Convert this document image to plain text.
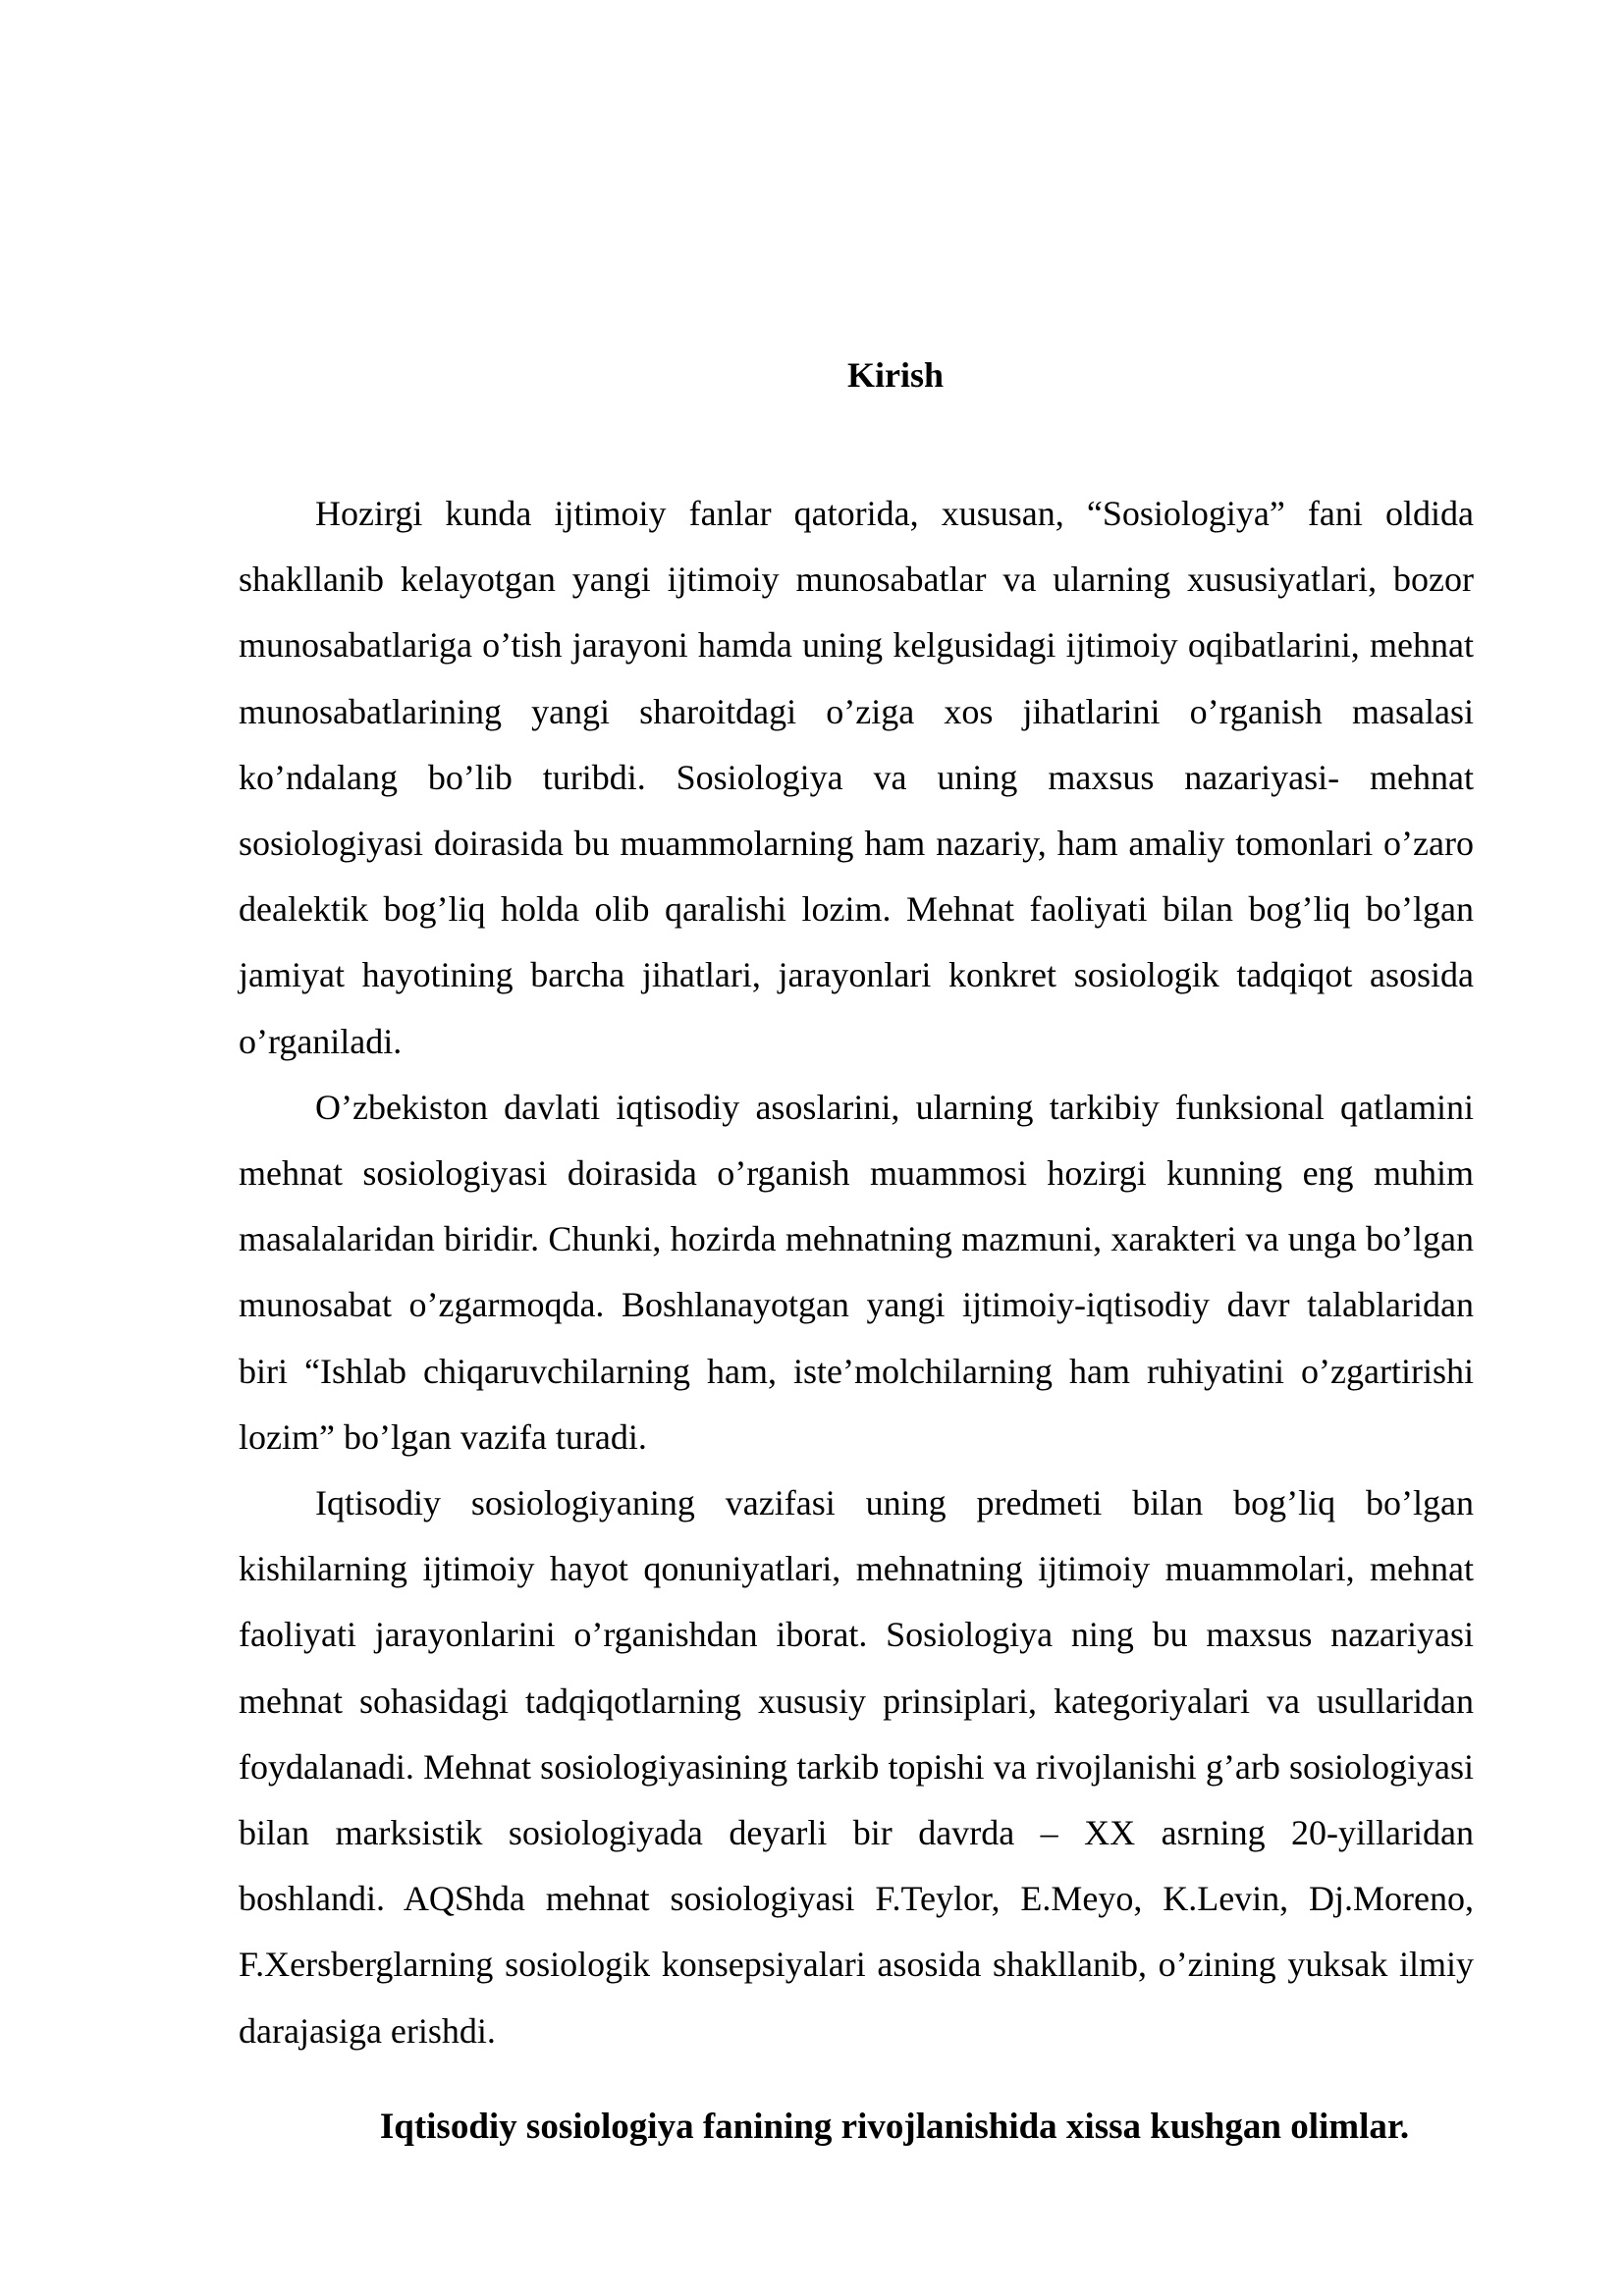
Kirish

Hozirgi kunda ijtimoiy fanlar qatorida, xususan, “Sosiologiya” fani oldida shakllanib kelayotgan yangi ijtimoiy munosabatlar va ularning xususiyatlari, bozor munosabatlariga o’tish jarayoni hamda uning kelgusidagi ijtimoiy oqibatlarini, mehnat munosabatlarining yangi sharoitdagi o’ziga xos jihatlarini o’rganish masalasi ko’ndalang bo’lib turibdi. Sosiologiya va uning maxsus nazariyasi- mehnat sosiologiyasi doirasida bu muammolarning ham nazariy, ham amaliy tomonlari o’zaro dealektik bog’liq holda olib qaralishi lozim. Mehnat faoliyati bilan bog’liq bo’lgan jamiyat hayotining barcha jihatlari, jarayonlari konkret sosiologik tadqiqot asosida o’rganiladi.

O’zbekiston davlati iqtisodiy asoslarini, ularning tarkibiy funksional qatlamini mehnat sosiologiyasi doirasida o’rganish muammosi hozirgi kunning eng muhim masalalaridan biridir. Chunki, hozirda mehnatning mazmuni, xarakteri va unga bo’lgan munosabat o’zgarmoqda. Boshlanayotgan yangi ijtimoiy-iqtisodiy davr talablaridan biri “Ishlab chiqaruvchilarning ham, iste’molchilarning ham ruhiyatini o’zgartirishi lozim” bo’lgan vazifa turadi.

Iqtisodiy sosiologiyaning vazifasi uning predmeti bilan bog’liq bo’lgan kishilarning ijtimoiy hayot qonuniyatlari, mehnatning ijtimoiy muammolari, mehnat faoliyati jarayonlarini o’rganishdan iborat. Sosiologiya ning bu maxsus nazariyasi mehnat sohasidagi tadqiqotlarning xususiy prinsiplari, kategoriyalari va usullaridan foydalanadi. Mehnat sosiologiyasining tarkib topishi va rivojlanishi g’arb sosiologiyasi bilan marksistik sosiologiyada deyarli bir davrda – XX asrning 20-yillaridan boshlandi. AQShda mehnat sosiologiyasi F.Teylor, E.Meyo, K.Levin, Dj.Moreno, F.Xersberglarning sosiologik konsepsiyalari asosida shakllanib, o’zining yuksak ilmiy darajasiga erishdi.

Iqtisodiy sosiologiya fanining rivojlanishida xissa kushgan olimlar.
